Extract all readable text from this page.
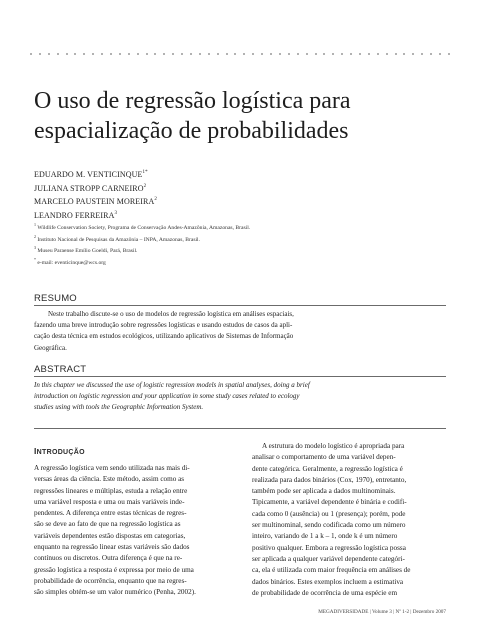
O uso de regressão logística para
espacialização de probabilidades
EDUARDO M. $VENTICINQUE^{1*}$
JULIANA STROPP CARNEIRO$^2$
MARCELO PAUSTEIN MOREIRA$^2$
LEANDRO FERREIRA$^3$
$^1$ Wildlife Conservation Society, Programa de Conservação Andes-Amazônia, Amazonas, Brasil.
$^2$ Instituto Nacional de Pesquisas da Amazônia – INPA, Amazonas, Brasil.
$^3$ Museu Paraense Emílio Goeldi, Pará, Brasil.
* e-mail: eventicinque@wcs.org
RESUMO
Neste trabalho discute-se o uso de modelos de regressão logística em análises espaciais,
fazendo uma breve introdução sobre regressões logísticas e usando estudos de casos da apli-
cação desta técnica em estudos ecológicos, utilizando aplicativos de Sistemas de Informação
Geográfica.
ABSTRACT
In this chapter we discussed the use of logistic regression models in spatial analyses, doing a brief
introduction on logistic regression and your application in some study cases related to ecology
studies using with tools the Geographic Information System.
INTRODUÇÃO
A regressão logística vem sendo utilizada nas mais di-
versas áreas da ciência. Este método, assim como as
regressões lineares e múltiplas, estuda a relação entre
uma variável resposta e uma ou mais variáveis inde-
pendentes. A diferença entre estas técnicas de regres-
são se deve ao fato de que na regressão logística as
variáveis dependentes estão dispostas em categorias,
enquanto na regressão linear estas variáveis são dados
contínuos ou discretos. Outra diferença é que na re-
gressão logística a resposta é expressa por meio de uma
probabilidade de ocorrência, enquanto que na regres-
são simples obtém-se um valor numérico (Penha, 2002).
A estrutura do modelo logístico é apropriada para
analisar o comportamento de uma variável depen-
dente categórica. Geralmente, a regressão logística é
realizada para dados binários (Cox, 1970), entretanto,
também pode ser aplicada a dados multinominais.
Tipicamente, a variável dependente é binária e codifi-
cada como 0 (ausência) ou 1 (presença); porém, pode
ser multinominal, sendo codificada como um número
inteiro, variando de 1 a k – 1, onde k é um número
positivo qualquer. Embora a regressão logística possa
ser aplicada a qualquer variável dependente categóri-
ca, ela é utilizada com maior frequência em análises de
dados binários. Estes exemplos incluem a estimativa
de probabilidade de ocorrência de uma espécie em
MEGADIVERSIDADE | Volume 3 | Nº 1-2 | Dezembro 2007
